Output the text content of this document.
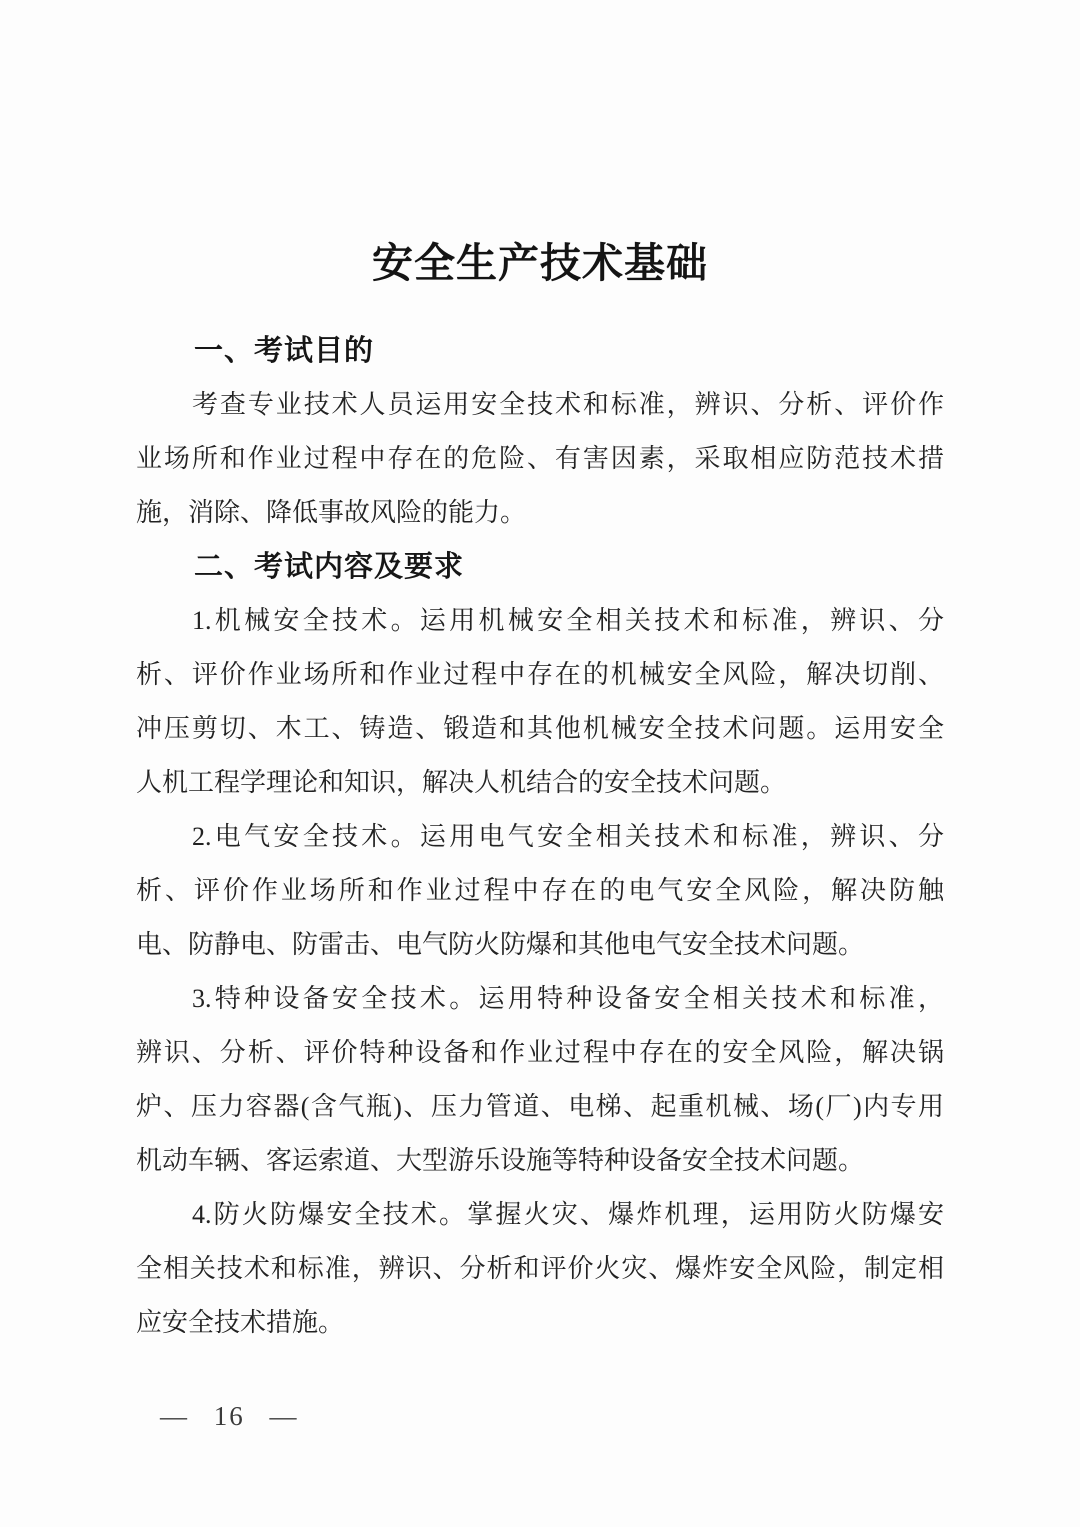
安全生产技术基础
一、考试目的
考查专业技术人员运用安全技术和标准，辨识、分析、评价作
业场所和作业过程中存在的危险、有害因素，采取相应防范技术措
施，消除、降低事故风险的能力。
二、考试内容及要求
1.机械安全技术。运用机械安全相关技术和标准，辨识、分
析、评价作业场所和作业过程中存在的机械安全风险，解决切削、
冲压剪切、木工、铸造、锻造和其他机械安全技术问题。运用安全
人机工程学理论和知识，解决人机结合的安全技术问题。
2.电气安全技术。运用电气安全相关技术和标准，辨识、分
析、评价作业场所和作业过程中存在的电气安全风险，解决防触
电、防静电、防雷击、电气防火防爆和其他电气安全技术问题。
3.特种设备安全技术。运用特种设备安全相关技术和标准，
辨识、分析、评价特种设备和作业过程中存在的安全风险，解决锅
炉、压力容器(含气瓶)、压力管道、电梯、起重机械、场(厂)内专用
机动车辆、客运索道、大型游乐设施等特种设备安全技术问题。
4.防火防爆安全技术。掌握火灾、爆炸机理，运用防火防爆安
全相关技术和标准，辨识、分析和评价火灾、爆炸安全风险，制定相
应安全技术措施。
— 16 —
